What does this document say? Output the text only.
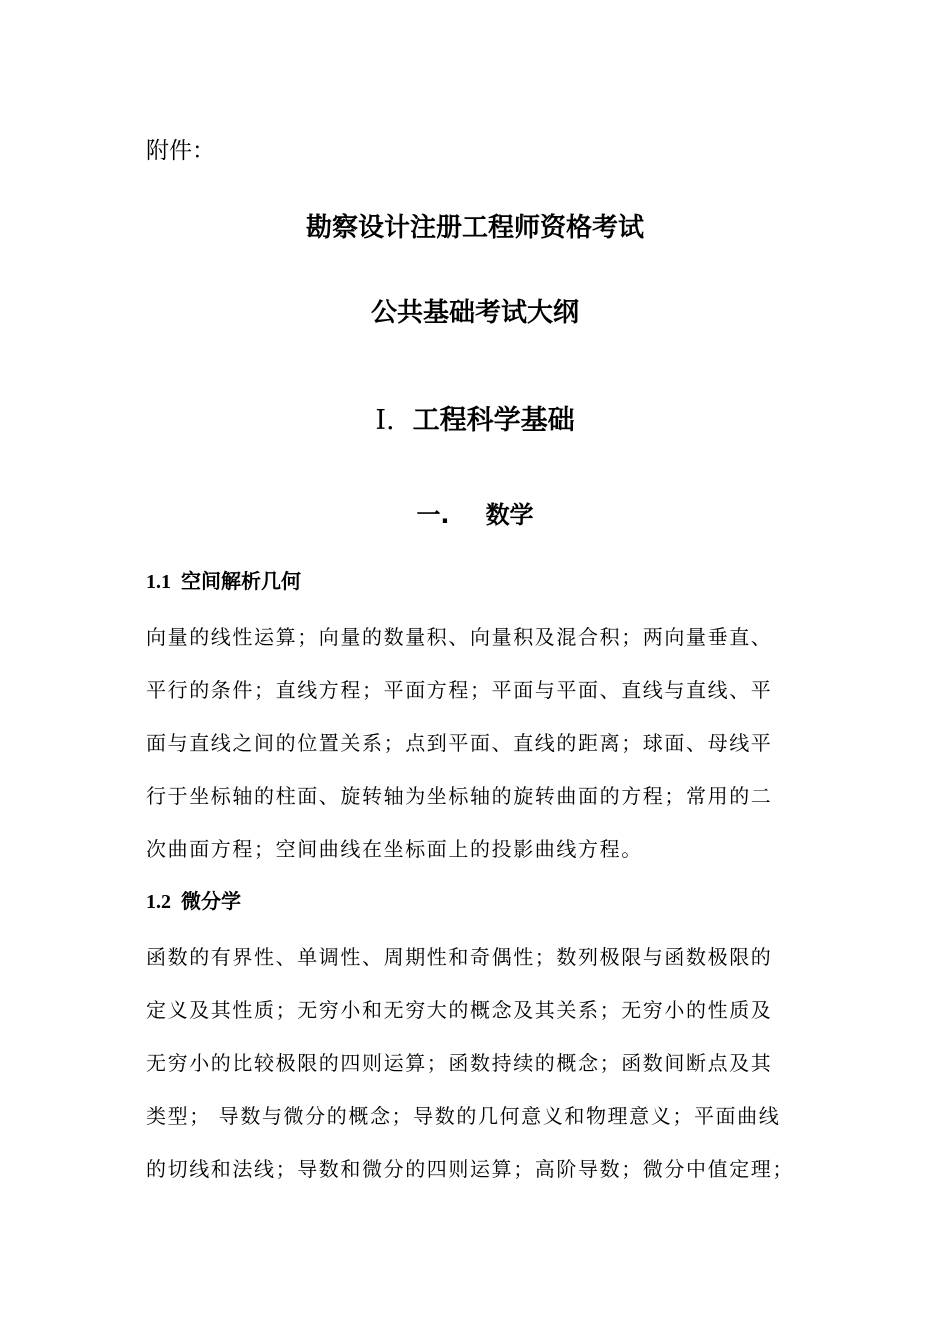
附件：
勘察设计注册工程师资格考试
公共基础考试大纲
I. 工程科学基础
一. 数学
1.1 空间解析几何
向量的线性运算；向量的数量积、向量积及混合积；两向量垂直、
平行的条件；直线方程；平面方程；平面与平面、直线与直线、平
面与直线之间的位置关系；点到平面、直线的距离；球面、母线平
行于坐标轴的柱面、旋转轴为坐标轴的旋转曲面的方程；常用的二
次曲面方程；空间曲线在坐标面上的投影曲线方程。
1.2 微分学
函数的有界性、单调性、周期性和奇偶性；数列极限与函数极限的
定义及其性质；无穷小和无穷大的概念及其关系；无穷小的性质及
无穷小的比较极限的四则运算；函数持续的概念；函数间断点及其
类型； 导数与微分的概念；导数的几何意义和物理意义；平面曲线
的切线和法线；导数和微分的四则运算；高阶导数；微分中值定理；
